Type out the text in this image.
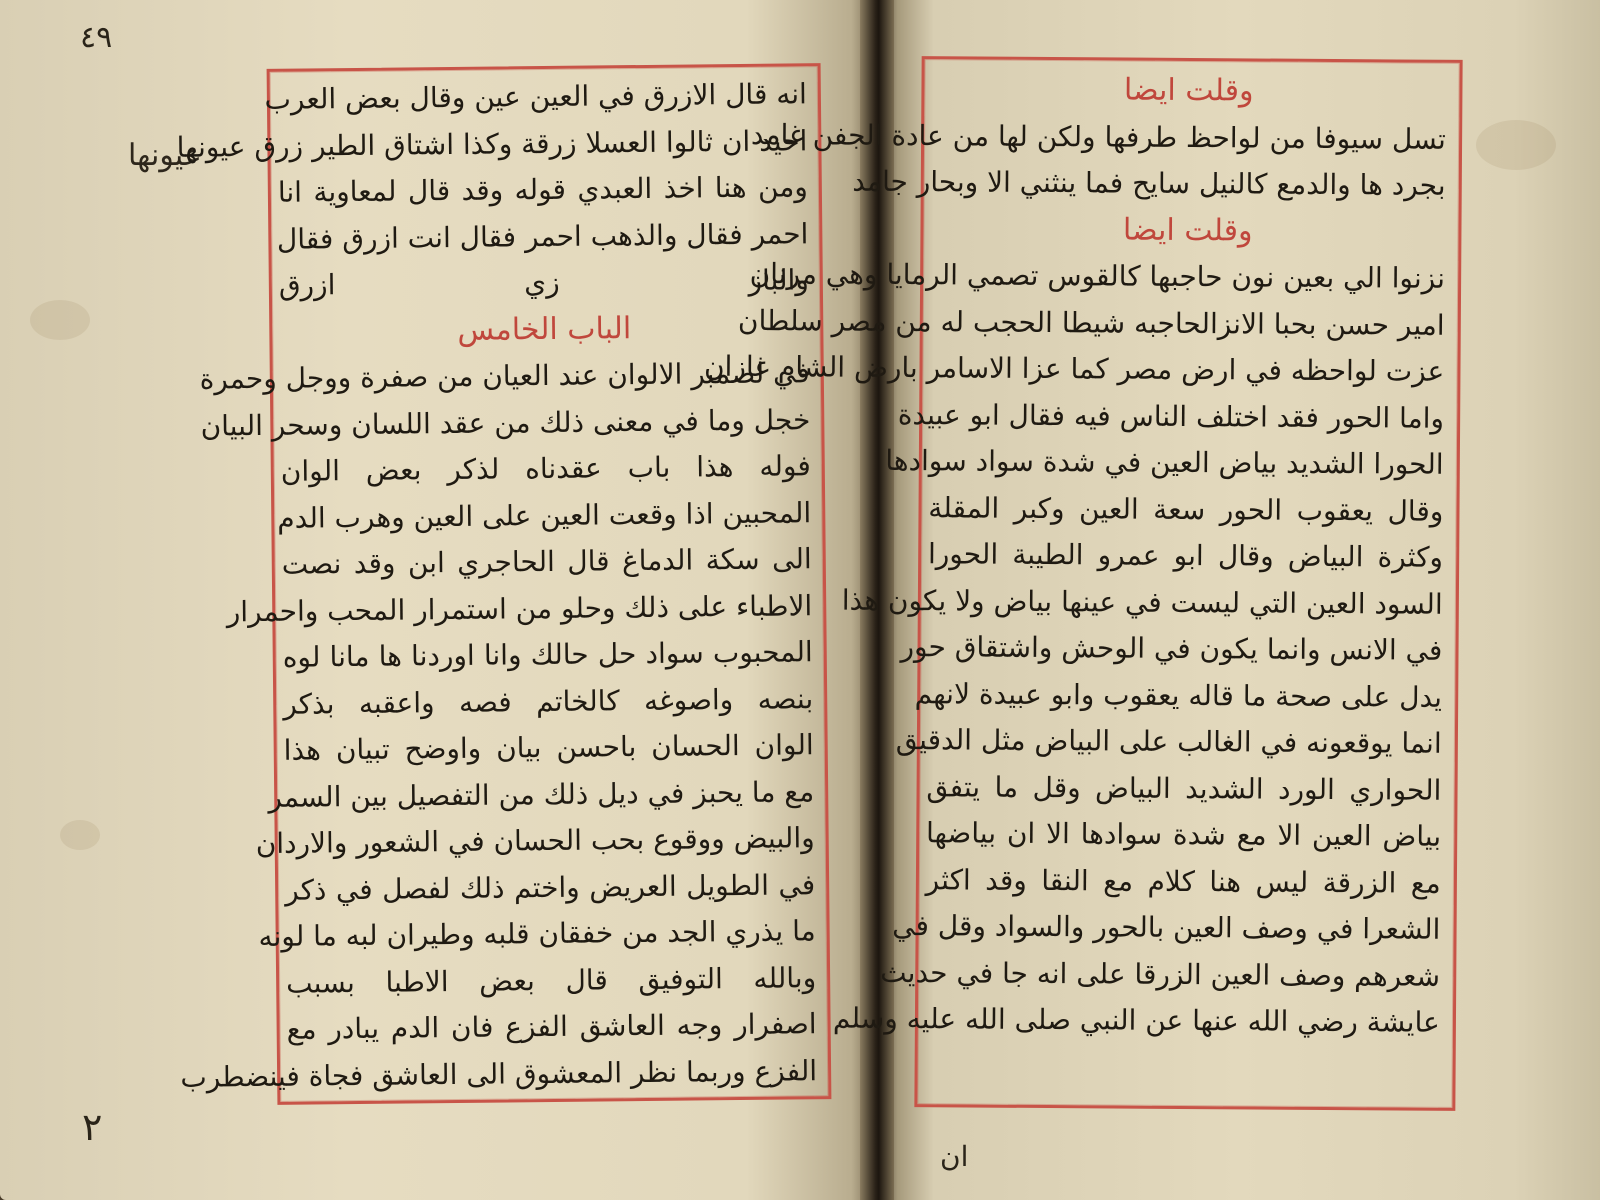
٤٩
عيونها
٢
انه قال الازرق في العين عين وقال بعض العرب
احيد ان ثالوا العسلا زرقة وكذا اشتاق الطير زرق عيونها
ومن هنا اخذ العبدي قوله وقد قال لمعاوية انا
احمر فقال والذهب احمر فقال انت ازرق فقال
والباز زي ازرق
الباب الخامس
في لصمبر الالوان عند العيان من صفرة ووجل وحمرة
خجل وما في معنى ذلك من عقد اللسان وسحر البيان
فوله هذا باب عقدناه لذكر بعض الوان
المحبين اذا وقعت العين على العين وهرب الدم
الى سكة الدماغ قال الحاجري ابن وقد نصت
الاطباء على ذلك وحلو من استمرار المحب واحمرار
المحبوب سواد حل حالك وانا اوردنا ها مانا لوه
بنصه واصوغه كالخاتم فصه واعقبه بذكر
الوان الحسان باحسن بيان واوضح تبيان هذا
مع ما يحبز في ديل ذلك من التفصيل بين السمر
والبيض ووقوع بحب الحسان في الشعور والاردان
في الطويل العريض واختم ذلك لفصل في ذكر
ما يذري الجد من خفقان قلبه وطيران لبه ما لونه
وبالله التوفيق قال بعض الاطبا بسبب
اصفرار وجه العاشق الفزع فان الدم يبادر مع
الفزع وربما نظر المعشوق الى العاشق فجاة فينضطرب
وقلت ايضا
تسل سيوفا من لواحظ طرفها ولكن لها من عادة الجفن غامد
بجرد ها والدمع كالنيل سايح فما ينثني الا وبحار جامد
وقلت ايضا
نزنوا الي بعين نون حاجبها كالقوس تصمي الرمايا وهي مرنان
امير حسن بحبا الانزالحاجبه شيطا الحجب له من مصر سلطان
عزت لواحظه في ارض مصر كما عزا الاسامر بارض الشام غازان
واما الحور فقد اختلف الناس فيه فقال ابو عبيدة
الحورا الشديد بياض العين في شدة سواد سوادها
وقال يعقوب الحور سعة العين وكبر المقلة
وكثرة البياض وقال ابو عمرو الطيبة الحورا
السود العين التي ليست في عينها بياض ولا يكون هذا
في الانس وانما يكون في الوحش واشتقاق حور
يدل على صحة ما قاله يعقوب وابو عبيدة لانهم
انما يوقعونه في الغالب على البياض مثل الدقيق
الحواري الورد الشديد البياض وقل ما يتفق
بياض العين الا مع شدة سوادها الا ان بياضها
مع الزرقة ليس هنا كلام مع النقا وقد اكثر
الشعرا في وصف العين بالحور والسواد وقل في
شعرهم وصف العين الزرقا على انه جا في حديث
عايشة رضي الله عنها عن النبي صلى الله عليه وسلم
ان
